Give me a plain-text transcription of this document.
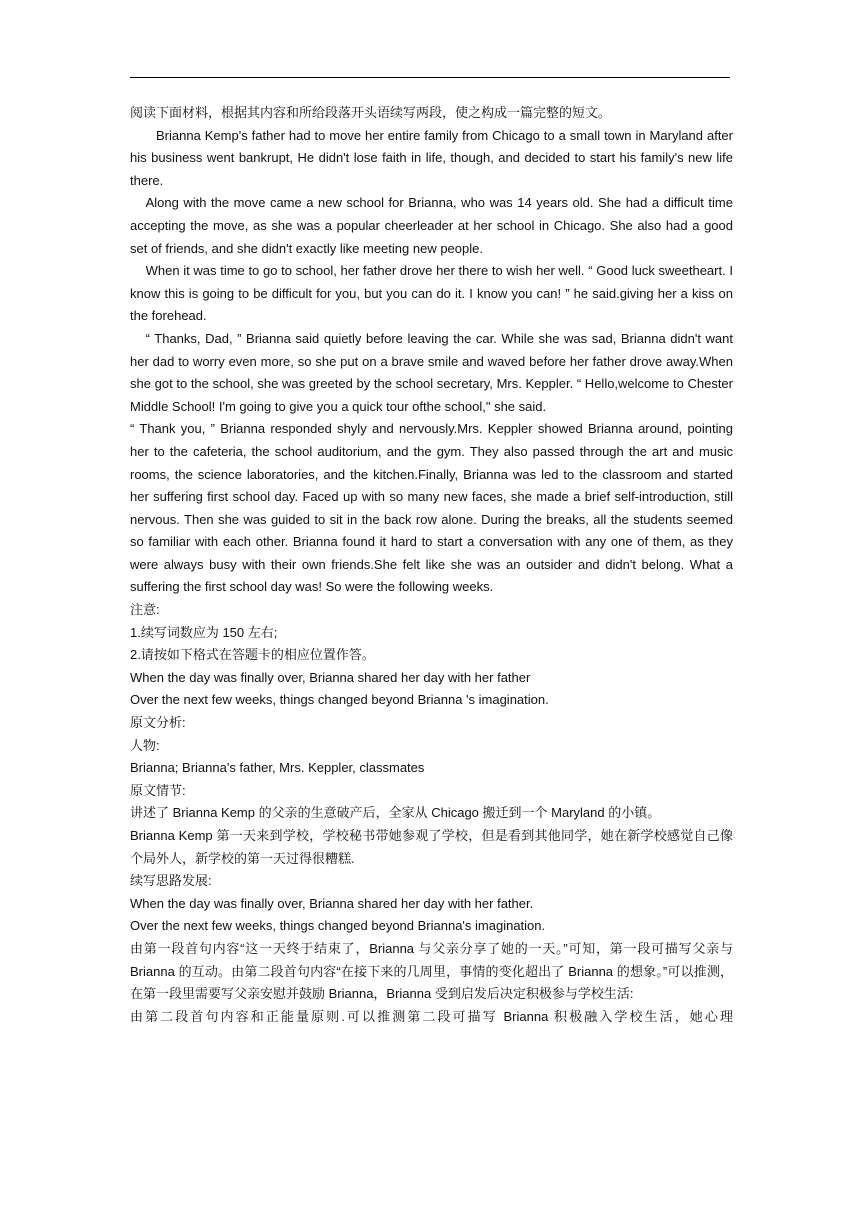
阅读下面材料，根据其内容和所给段落开头语续写两段，使之构成一篇完整的短文。

Brianna Kemp's father had to move her entire family from Chicago to a small town in Maryland after his business went bankrupt, He didn't lose faith in life, though, and decided to start his family's new life there.

Along with the move came a new school for Brianna, who was 14 years old. She had a difficult time accepting the move, as she was a popular cheerleader at her school in Chicago. She also had a good set of friends, and she didn't exactly like meeting new people.

When it was time to go to school, her father drove her there to wish her well. “ Good luck sweetheart. I know this is going to be difficult for you, but you can do it. I know you can! ” he said.giving her a kiss on the forehead.

“ Thanks, Dad, ” Brianna said quietly before leaving the car. While she was sad, Brianna didn't want her dad to worry even more, so she put on a brave smile and waved before her father drove away.When she got to the school, she was greeted by the school secretary, Mrs. Keppler. “ Hello,welcome to Chester Middle School! I'm going to give you a quick tour ofthe school," she said.

“ Thank you, ” Brianna responded shyly and nervously.Mrs. Keppler showed Brianna around, pointing her to the cafeteria, the school auditorium, and the gym. They also passed through the art and music rooms, the science laboratories, and the kitchen.Finally, Brianna was led to the classroom and started her suffering first school day. Faced up with so many new faces, she made a brief self-introduction, still nervous. Then she was guided to sit in the back row alone. During the breaks, all the students seemed so familiar with each other. Brianna found it hard to start a conversation with any one of them, as they were always busy with their own friends.She felt like she was an outsider and didn't belong. What a suffering the first school day was! So were the following weeks.

注意:

1.续写词数应为 150 左右;

2.请按如下格式在答题卡的相应位置作答。

When the day was finally over, Brianna shared her day with her father

Over the next few weeks, things changed beyond Brianna 's imagination.

原文分析:

人物:

Brianna; Brianna's father, Mrs. Keppler, classmates

原文情节:

讲述了 Brianna Kemp 的父亲的生意破产后，全家从 Chicago 搬迁到一个 Maryland 的小镇。

Brianna Kemp 第一天来到学校，学校秘书带她参观了学校，但是看到其他同学，她在新学校感觉自己像个局外人，新学校的第一天过得很糟糕.

续写思路发展:

When the day was finally over, Brianna shared her day with her father.

Over the next few weeks, things changed beyond Brianna's imagination.

由第一段首句内容“这一天终于结束了，Brianna 与父亲分享了她的一天。”可知，第一段可描写父亲与 Brianna 的互动。由第二段首句内容“在接下来的几周里，事情的变化超出了 Brianna 的想象。”可以推测，在第一段里需要写父亲安慰并鼓励 Brianna，Brianna 受到启发后决定积极参与学校生活:

由第二段首句内容和正能量原则.可以推测第二段可描写 Brianna 积极融入学校生活，她心理
